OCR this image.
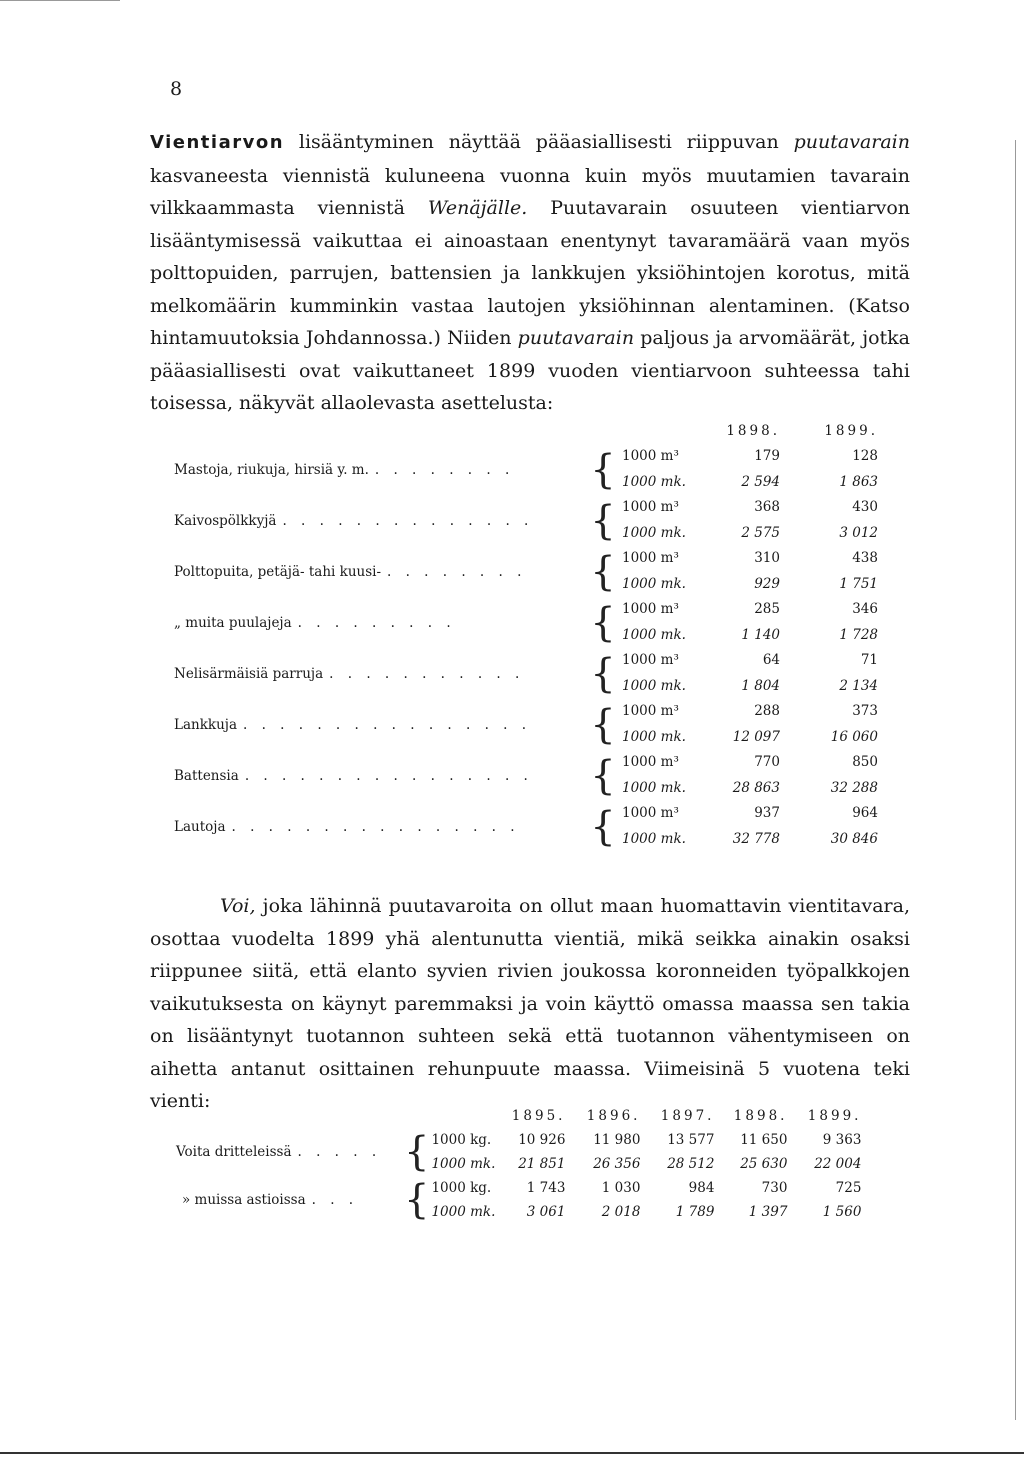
8

Vientiarvon lisääntyminen näyttää pääasiallisesti riippuvan puutavarain kasvaneesta viennistä kuluneena vuonna kuin myös muutamien tavarain vilkkaammasta viennistä Wenäjälle. Puutavarain osuuteen vientiarvon lisääntymisessä vaikuttaa ei ainoastaan enentynyt tavaramäärä vaan myös polttopuiden, parrujen, battensien ja lankkujen yksiöhintojen korotus, mitä melkomäärin kumminkin vastaa lautojen yksiöhinnan alentaminen. (Katso hintamuutoksia Johdannossa.) Niiden puutavarain paljous ja arvomäärät, jotka pääasiallisesti ovat vaikuttaneet 1899 vuoden vientiarvoon suhteessa tahi toisessa, näkyvät allaolevasta asettelusta:

			1898.	1899.
Mastoja, riukuja, hirsiä y. m. . . . . . . . .	{	1000 m³	179	128
		1000 mk.	2 594	1 863
Kaivospölkkyjä . . . . . . . . . . . . . .	{	1000 m³	368	430
		1000 mk.	2 575	3 012
Polttopuita, petäjä- tahi kuusi- . . . . . . . .	{	1000 m³	310	438
		1000 mk.	929	1 751
„ muita puulajeja . . . . . . . . .	{	1000 m³	285	346
		1000 mk.	1 140	1 728
Nelisärmäisiä parruja . . . . . . . . . . .	{	1000 m³	64	71
		1000 mk.	1 804	2 134
Lankkuja . . . . . . . . . . . . . . . .	{	1000 m³	288	373
		1000 mk.	12 097	16 060
Battensia . . . . . . . . . . . . . . . .	{	1000 m³	770	850
		1000 mk.	28 863	32 288
Lautoja . . . . . . . . . . . . . . . .	{	1000 m³	937	964
		1000 mk.	32 778	30 846

Voi, joka lähinnä puutavaroita on ollut maan huomattavin vientitavara, osottaa vuodelta 1899 yhä alentunutta vientiä, mikä seikka ainakin osaksi riippunee siitä, että elanto syvien rivien joukossa koronneiden työpalkkojen vaikutuksesta on käynyt paremmaksi ja voin käyttö omassa maassa sen takia on lisääntynyt tuotannon suhteen sekä että tuotannon vähentymiseen on aihetta antanut osittainen rehunpuute maassa. Viimeisinä 5 vuotena teki vienti:

			1895.	1896.	1897.	1898.	1899.
Voita dritteleissä . . . . .	{	1000 kg.	10 926	11 980	13 577	11 650	9 363
		1000 mk.	21 851	26 356	28 512	25 630	22 004
» muissa astioissa . . .	{	1000 kg.	1 743	1 030	984	730	725
		1000 mk.	3 061	2 018	1 789	1 397	1 560
